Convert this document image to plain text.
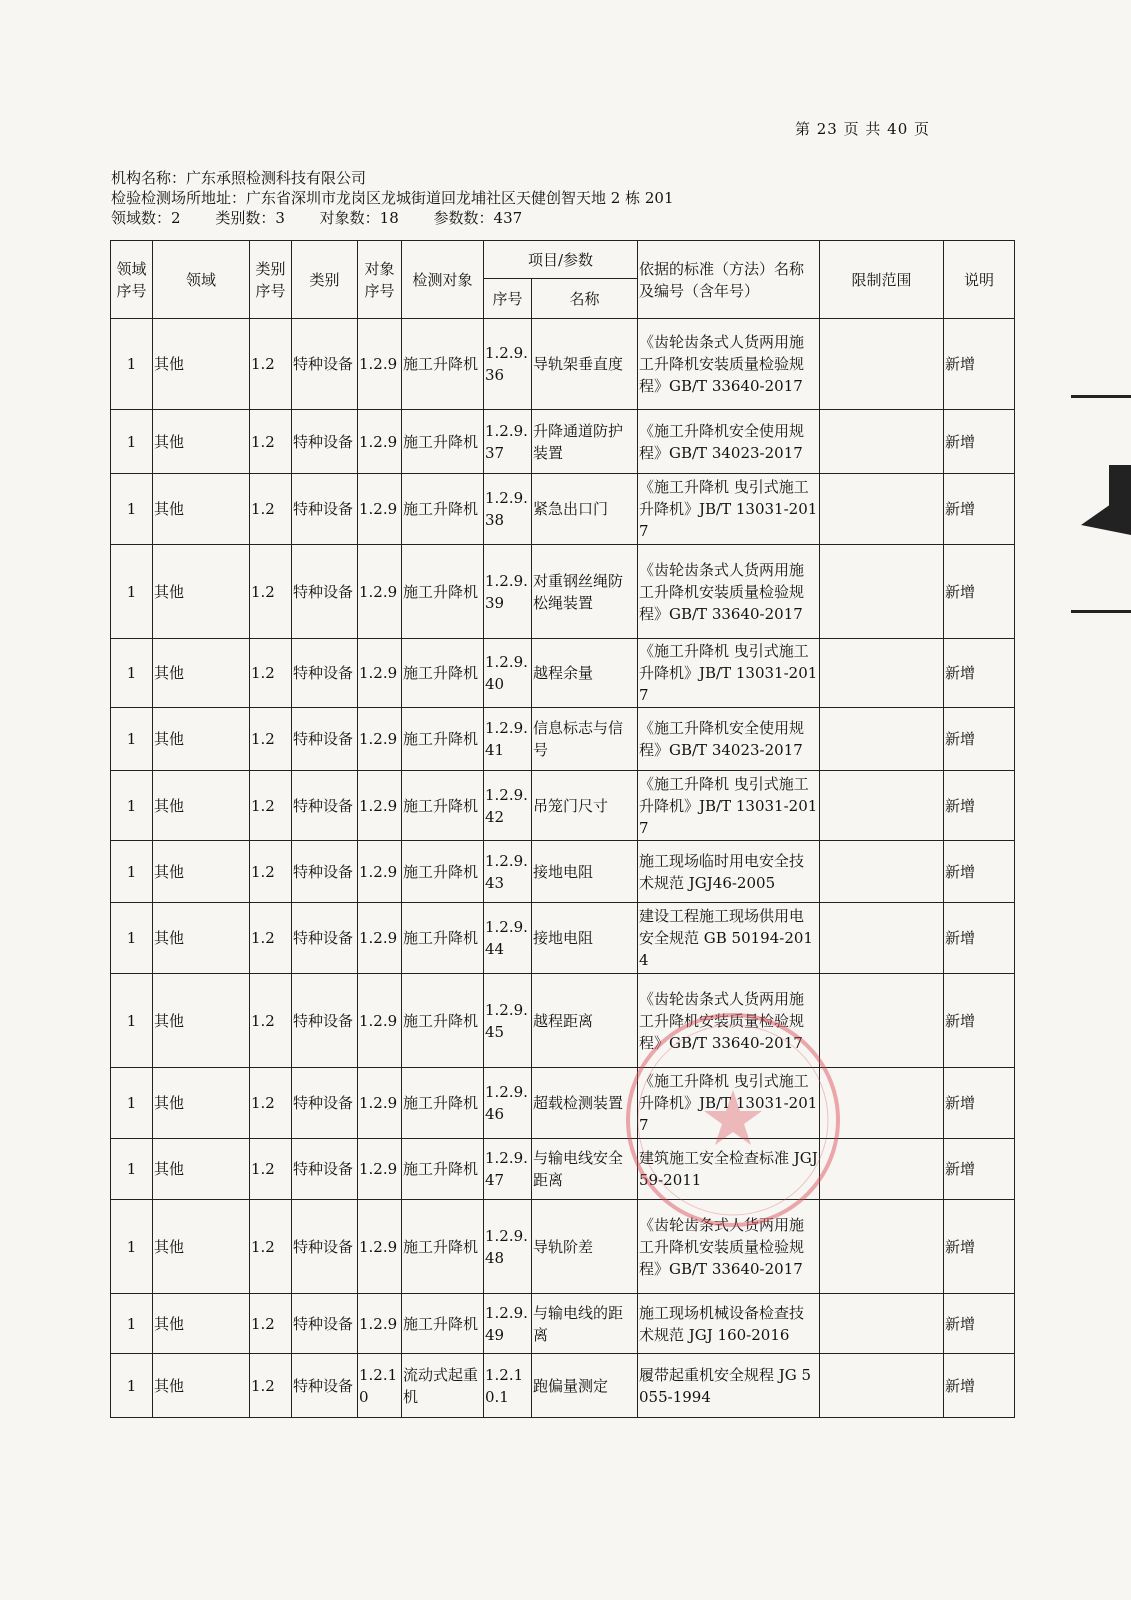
第 23 页 共 40 页
机构名称：广东承照检测科技有限公司
检验检测场所地址：广东省深圳市龙岗区龙城街道回龙埔社区天健创智天地 2 栋 201
领域数：2 类别数：3 对象数：18 参数数：437
领域序号	领域	类别序号	类别	对象序号	检测对象	项目/参数		依据的标准（方法）名称及编号（含年号）	限制范围	说明
						序号	名称			
1	其他	1.2	特种设备	1.2.9	施工升降机	1.2.9.36	导轨架垂直度	《齿轮齿条式人货两用施工升降机安装质量检验规程》GB/T 33640-2017		新增
1	其他	1.2	特种设备	1.2.9	施工升降机	1.2.9.37	升降通道防护装置	《施工升降机安全使用规程》GB/T 34023-2017		新增
1	其他	1.2	特种设备	1.2.9	施工升降机	1.2.9.38	紧急出口门	《施工升降机 曳引式施工升降机》JB/T 13031-2017		新增
1	其他	1.2	特种设备	1.2.9	施工升降机	1.2.9.39	对重钢丝绳防松绳装置	《齿轮齿条式人货两用施工升降机安装质量检验规程》GB/T 33640-2017		新增
1	其他	1.2	特种设备	1.2.9	施工升降机	1.2.9.40	越程余量	《施工升降机 曳引式施工升降机》JB/T 13031-2017		新增
1	其他	1.2	特种设备	1.2.9	施工升降机	1.2.9.41	信息标志与信号	《施工升降机安全使用规程》GB/T 34023-2017		新增
1	其他	1.2	特种设备	1.2.9	施工升降机	1.2.9.42	吊笼门尺寸	《施工升降机 曳引式施工升降机》JB/T 13031-2017		新增
1	其他	1.2	特种设备	1.2.9	施工升降机	1.2.9.43	接地电阻	施工现场临时用电安全技术规范 JGJ46-2005		新增
1	其他	1.2	特种设备	1.2.9	施工升降机	1.2.9.44	接地电阻	建设工程施工现场供用电安全规范 GB 50194-2014		新增
1	其他	1.2	特种设备	1.2.9	施工升降机	1.2.9.45	越程距离	《齿轮齿条式人货两用施工升降机安装质量检验规程》GB/T 33640-2017		新增
1	其他	1.2	特种设备	1.2.9	施工升降机	1.2.9.46	超载检测装置	《施工升降机 曳引式施工升降机》JB/T 13031-2017		新增
1	其他	1.2	特种设备	1.2.9	施工升降机	1.2.9.47	与输电线安全距离	建筑施工安全检查标准 JGJ 59-2011		新增
1	其他	1.2	特种设备	1.2.9	施工升降机	1.2.9.48	导轨阶差	《齿轮齿条式人货两用施工升降机安装质量检验规程》GB/T 33640-2017		新增
1	其他	1.2	特种设备	1.2.9	施工升降机	1.2.9.49	与输电线的距离	施工现场机械设备检查技术规范 JGJ 160-2016		新增
1	其他	1.2	特种设备	1.2.10	流动式起重机	1.2.10.1	跑偏量测定	履带起重机安全规程 JG 5055-1994		新增
